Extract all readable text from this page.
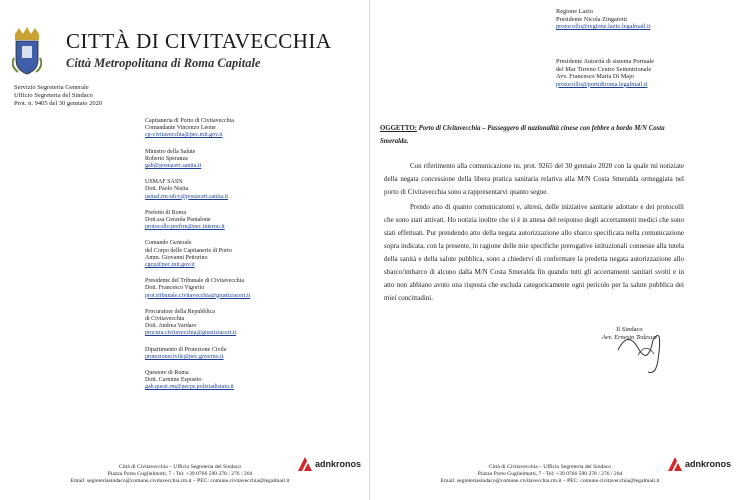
CITTÀ DI CIVITAVECCHIA
Città Metropolitana di Roma Capitale
Servizio Segreteria Generale
Ufficio Segreteria del Sindaco
Prot. n. 9405 del 30 gennaio 2020
Capitaneria di Porto di Civitavecchia
Comandante Vincenzo Leone
cp-civitavecchia@pec.mit.gov.it
Ministro della Salute
Roberto Speranza
gab@postacert.sanita.it
USMAF SASN
Dott. Paolo Nisita
usmaf.rm-ufcv@postacert.sanita.it
Prefetto di Roma
Dott.ssa Gerarda Pantalone
protocollo.prefrm@pec.interno.it
Comando Generale
del Corpo delle Capitanerie di Porto
Amm. Giovanni Pettorino
cgcp@pec.mit.gov.it
Presidente del Tribunale di Civitavecchia
Dott. Francesco Vigorito
prot.tribunale.civitavecchia@giustiziacert.it
Procuratore della Repubblica
di Civitavecchia
Dott. Andrea Vardaro
procura.civitavecchia@giustiziacert.it
Dipartimento di Protezione Civile
protezionecivile@pec.governo.it
Questore di Roma
Dott. Carmine Esposito
gab.quest.rm@pecps.poliziadistato.it
Città di Civitavecchia – Ufficio Segreteria del Sindaco
Piazza Porto Guglielmotti, 7 - Tel: +39 0766 590 278 / 276 / 204
Email: segreteriasindaco@comune.civitavecchia.rm.it – PEC: comune.civitavecchia@legalmail.it
adnkronos
Regione Lazio
Presidente Nicola Zingaretti
protocollo@regione.lazio.legalmail.it
Presidente Autorità di sistema Portuale
del Mar Tirreno Centro Settentrionale
Avv. Francesco Maria Di Majo
protocollo@portidiroma.legalmail.it
OGGETTO: Porto di Civitavecchia – Passeggero di nazionalità cinese con febbre a bordo M/N Costa Smeralda.

Con riferimento alla comunicazione ns. prot. 9265 del 30 gennaio 2020 con la quale mi notiziate della negata concessione della libera pratica sanitaria relativa alla M/N Costa Smeralda ormeggiata nel porto di Civitavecchia sono a rappresentarvi quanto segue.

Prendo atto di quanto comunicatomi e, altresì, delle iniziative sanitarie adottate e dei protocolli che sono stati attivati. Ho notizia inoltre che si è in attesa del responso degli accertamenti medici che sono stati effettuati. Pur prendendo atto della negata autorizzazione allo sbarco specificata nella comunicazione sopra indicata, con la presente, in ragione delle mie specifiche prerogative istituzionali connesse alla tutela della sanità e della salute pubblica, sono a chiedervi di confermare la predetta negata autorizzazione allo sbarco/imbarco di alcuno dalla M/N Costa Smeralda fin quando tutti gli accertamenti sanitari svolti e in atto non abbiano avuto una risposta che escluda categoricamente ogni pericolo per la salute pubblica dei miei concittadini.

Il Sindaco
Avv. Ernesto Tedesco
Città di Civitavecchia – Ufficio Segreteria del Sindaco
Piazza Porto Guglielmotti, 7 - Tel: +39 0766 590 278 / 276 / 204
Email: segreteriasindaco@comune.civitavecchia.rm.it – PEC: comune.civitavecchia@legalmail.it
adnkronos
